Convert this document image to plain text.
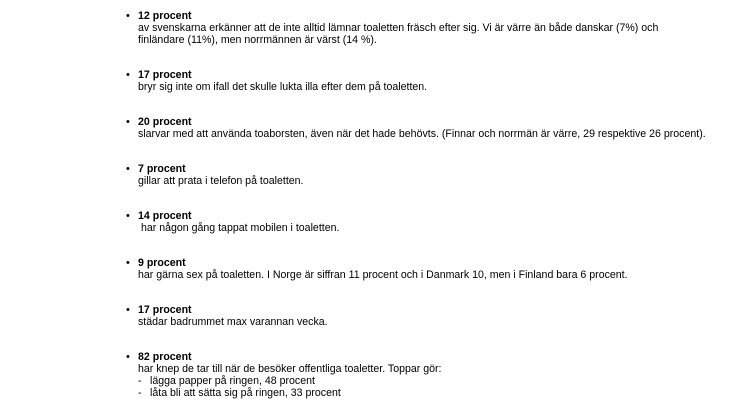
• 12 procent
av svenskarna erkänner att de inte alltid lämnar toaletten fräsch efter sig. Vi är värre än både danskar (7%) och finländare (11%), men norrmännen är värst (14 %).
• 17 procent
bryr sig inte om ifall det skulle lukta illa efter dem på toaletten.
• 20 procent
slarvar med att använda toaborsten, även när det hade behövts. (Finnar och norrmän är värre, 29 respektive 26 procent).
• 7 procent
gillar att prata i telefon på toaletten.
• 14 procent
har någon gång tappat mobilen i toaletten.
• 9 procent
har gärna sex på toaletten. I Norge är siffran 11 procent och i Danmark 10, men i Finland bara 6 procent.
• 17 procent
städar badrummet max varannan vecka.
• 82 procent
har knep de tar till när de besöker offentliga toaletter. Toppar gör:
- lägga papper på ringen, 48 procent
- låta bli att sätta sig på ringen, 33 procent
